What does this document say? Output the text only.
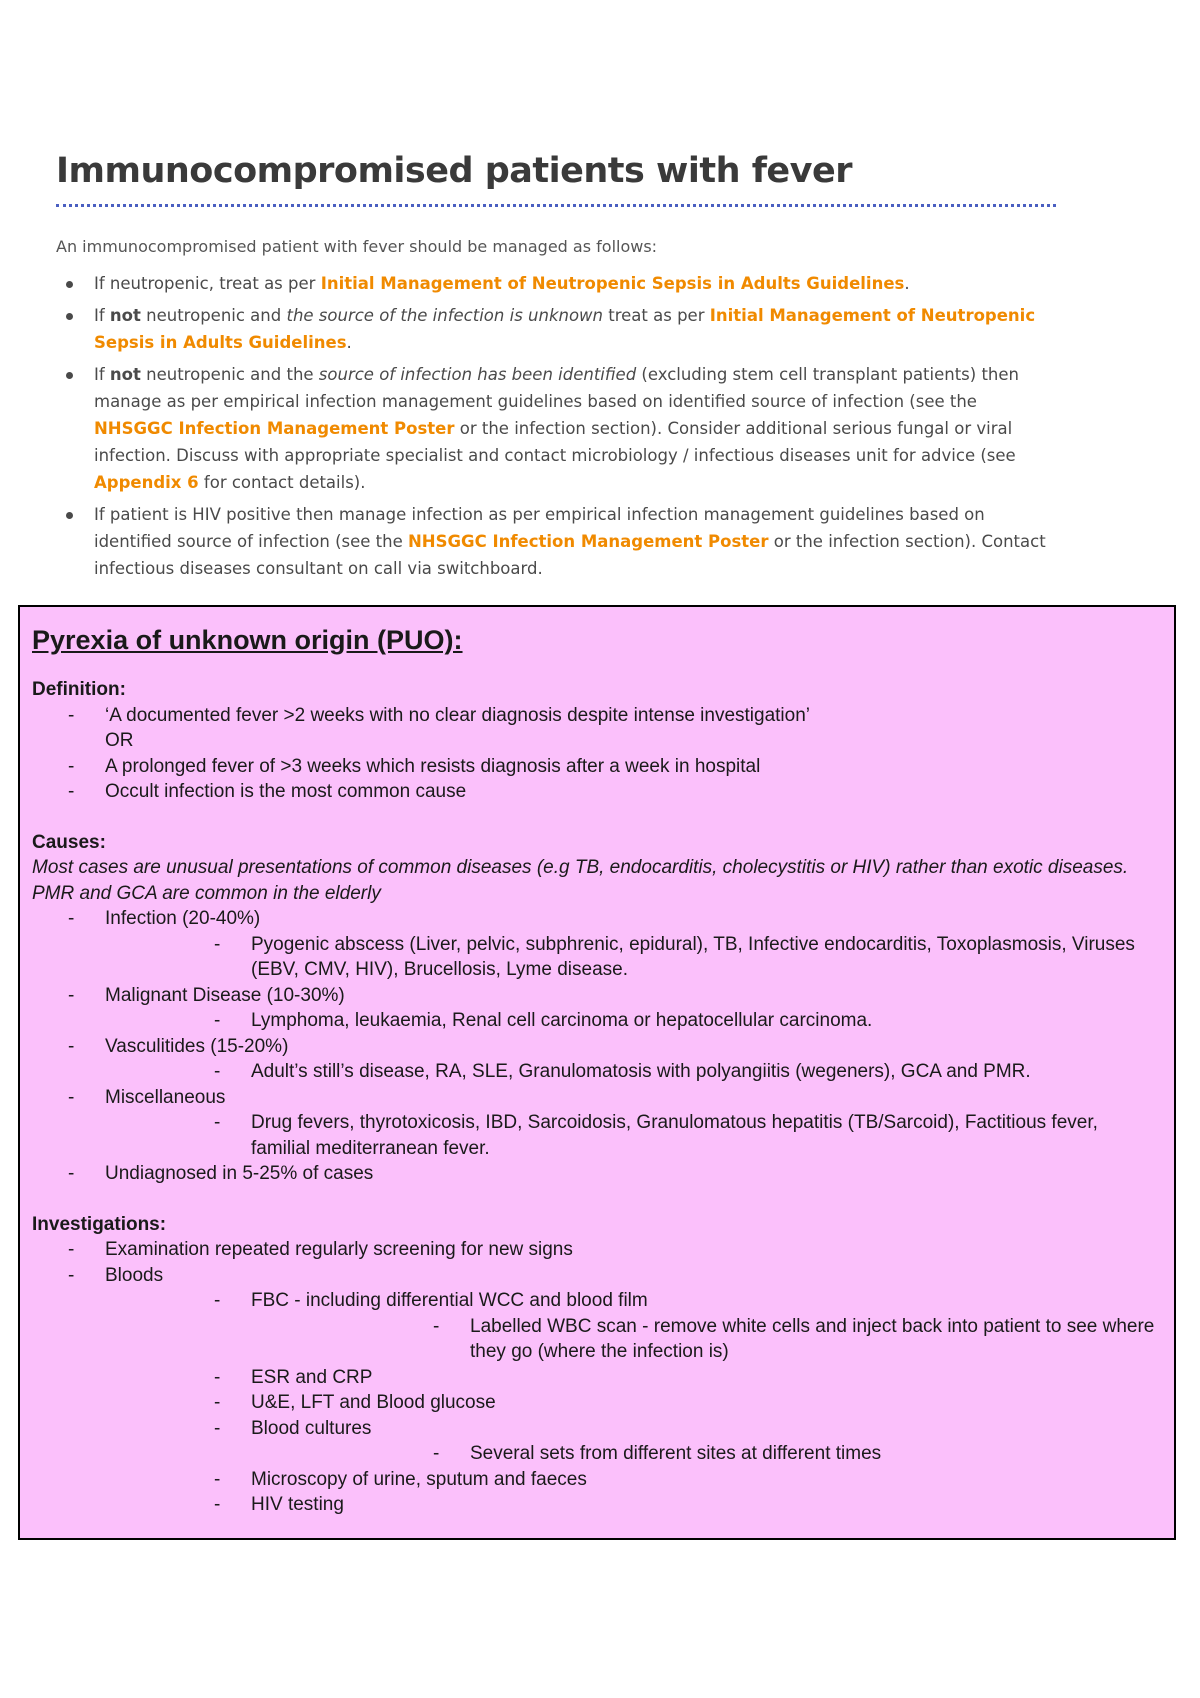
Immunocompromised patients with fever
An immunocompromised patient with fever should be managed as follows:
If neutropenic, treat as per Initial Management of Neutropenic Sepsis in Adults Guidelines.
If not neutropenic and the source of the infection is unknown treat as per Initial Management of Neutropenic Sepsis in Adults Guidelines.
If not neutropenic and the source of infection has been identified (excluding stem cell transplant patients) then manage as per empirical infection management guidelines based on identified source of infection (see the NHSGGC Infection Management Poster or the infection section). Consider additional serious fungal or viral infection. Discuss with appropriate specialist and contact microbiology / infectious diseases unit for advice (see Appendix 6 for contact details).
If patient is HIV positive then manage infection as per empirical infection management guidelines based on identified source of infection (see the NHSGGC Infection Management Poster or the infection section). Contact infectious diseases consultant on call via switchboard.
Pyrexia of unknown origin (PUO):
Definition:
- ‘A documented fever >2 weeks with no clear diagnosis despite intense investigation’
OR
- A prolonged fever of >3 weeks which resists diagnosis after a week in hospital
- Occult infection is the most common cause
Causes:
Most cases are unusual presentations of common diseases (e.g TB, endocarditis, cholecystitis or HIV) rather than exotic diseases. PMR and GCA are common in the elderly
- Infection (20-40%)
- Pyogenic abscess (Liver, pelvic, subphrenic, epidural), TB, Infective endocarditis, Toxoplasmosis, Viruses (EBV, CMV, HIV), Brucellosis, Lyme disease.
- Malignant Disease (10-30%)
- Lymphoma, leukaemia, Renal cell carcinoma or hepatocellular carcinoma.
- Vasculitides (15-20%)
- Adult’s still’s disease, RA, SLE, Granulomatosis with polyangiitis (wegeners), GCA and PMR.
- Miscellaneous
- Drug fevers, thyrotoxicosis, IBD, Sarcoidosis, Granulomatous hepatitis (TB/Sarcoid), Factitious fever, familial mediterranean fever.
- Undiagnosed in 5-25% of cases
Investigations:
- Examination repeated regularly screening for new signs
- Bloods
- FBC - including differential WCC and blood film
- Labelled WBC scan - remove white cells and inject back into patient to see where they go (where the infection is)
- ESR and CRP
- U&E, LFT and Blood glucose
- Blood cultures
- Several sets from different sites at different times
- Microscopy of urine, sputum and faeces
- HIV testing
